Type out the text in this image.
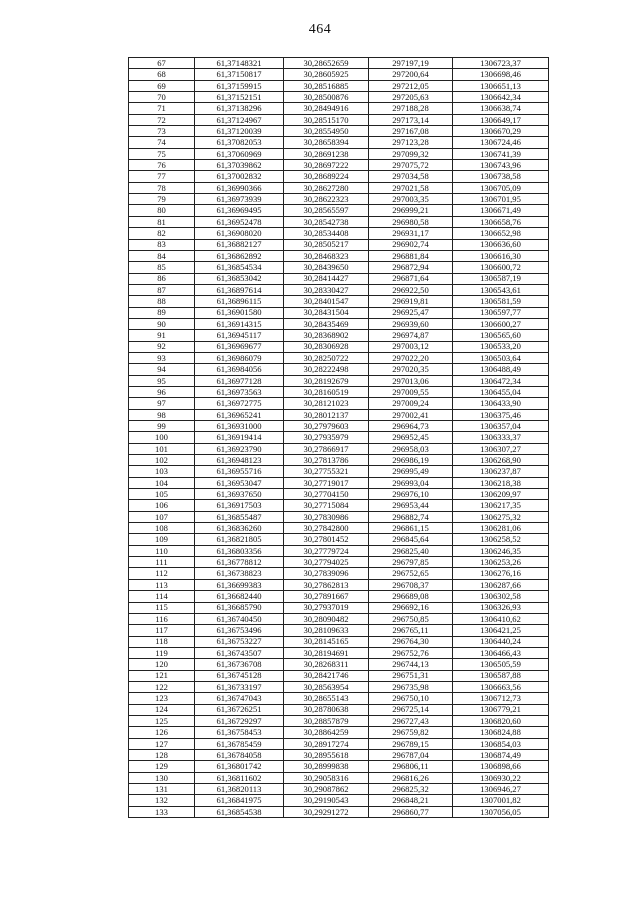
464
67	61,37148321	30,28652659	297197,19	1306723,37
68	61,37150817	30,28605925	297200,64	1306698,46
69	61,37159915	30,28516885	297212,05	1306651,13
70	61,37152151	30,28500876	297205,63	1306642,34
71	61,37138296	30,28494916	297188,28	1306638,74
72	61,37124967	30,28515170	297173,14	1306649,17
73	61,37120039	30,28554950	297167,08	1306670,29
74	61,37082053	30,28658394	297123,28	1306724,46
75	61,37060969	30,28691238	297099,32	1306741,39
76	61,37039862	30,28697222	297075,72	1306743,96
77	61,37002832	30,28689224	297034,58	1306738,58
78	61,36990366	30,28627280	297021,58	1306705,09
79	61,36973939	30,28622323	297003,35	1306701,95
80	61,36969495	30,28565597	296999,21	1306671,49
81	61,36952478	30,28542738	296980,58	1306658,76
82	61,36908020	30,28534408	296931,17	1306652,98
83	61,36882127	30,28505217	296902,74	1306636,60
84	61,36862892	30,28468323	296881,84	1306616,30
85	61,36854534	30,28439650	296872,94	1306600,72
86	61,36853042	30,28414427	296871,64	1306587,19
87	61,36897614	30,28330427	296922,50	1306543,61
88	61,36896115	30,28401547	296919,81	1306581,59
89	61,36901580	30,28431504	296925,47	1306597,77
90	61,36914315	30,28435469	296939,60	1306600,27
91	61,36945117	30,28368902	296974,87	1306565,60
92	61,36969677	30,28306928	297003,12	1306533,20
93	61,36986079	30,28250722	297022,20	1306503,64
94	61,36984056	30,28222498	297020,35	1306488,49
95	61,36977128	30,28192679	297013,06	1306472,34
96	61,36973563	30,28160519	297009,55	1306455,04
97	61,36972775	30,28121023	297009,24	1306433,90
98	61,36965241	30,28012137	297002,41	1306375,46
99	61,36931000	30,27979603	296964,73	1306357,04
100	61,36919414	30,27935979	296952,45	1306333,37
101	61,36923790	30,27866917	296958,03	1306307,27
102	61,36948123	30,27813786	296986,19	1306268,90
103	61,36955716	30,27755321	296995,49	1306237,87
104	61,36953047	30,27719017	296993,04	1306218,38
105	61,36937650	30,27704150	296976,10	1306209,97
106	61,36917503	30,27715084	296953,44	1306217,35
107	61,36855487	30,27830986	296882,74	1306275,32
108	61,36836260	30,27842800	296861,15	1306281,06
109	61,36821805	30,27801452	296845,64	1306258,52
110	61,36803356	30,27779724	296825,40	1306246,35
111	61,36778812	30,27794025	296797,85	1306253,26
112	61,36738823	30,27839096	296752,65	1306276,16
113	61,36699383	30,27862813	296708,37	1306287,66
114	61,36682440	30,27891667	296689,08	1306302,58
115	61,36685790	30,27937019	296692,16	1306326,93
116	61,36740450	30,28090482	296750,85	1306410,62
117	61,36753496	30,28109633	296765,11	1306421,25
118	61,36753227	30,28145165	296764,30	1306440,24
119	61,36743507	30,28194691	296752,76	1306466,43
120	61,36736708	30,28268311	296744,13	1306505,59
121	61,36745128	30,28421746	296751,31	1306587,88
122	61,36733197	30,28563954	296735,98	1306663,56
123	61,36747043	30,28655143	296750,10	1306712,73
124	61,36726251	30,28780638	296725,14	1306779,21
125	61,36729297	30,28857879	296727,43	1306820,60
126	61,36758453	30,28864259	296759,82	1306824,88
127	61,36785459	30,28917274	296789,15	1306854,03
128	61,36784058	30,28955618	296787,04	1306874,49
129	61,36801742	30,28999838	296806,11	1306898,66
130	61,36811602	30,29058316	296816,26	1306930,22
131	61,36820113	30,29087862	296825,32	1306946,27
132	61,36841975	30,29190543	296848,21	1307001,82
133	61,36854538	30,29291272	296860,77	1307056,05
